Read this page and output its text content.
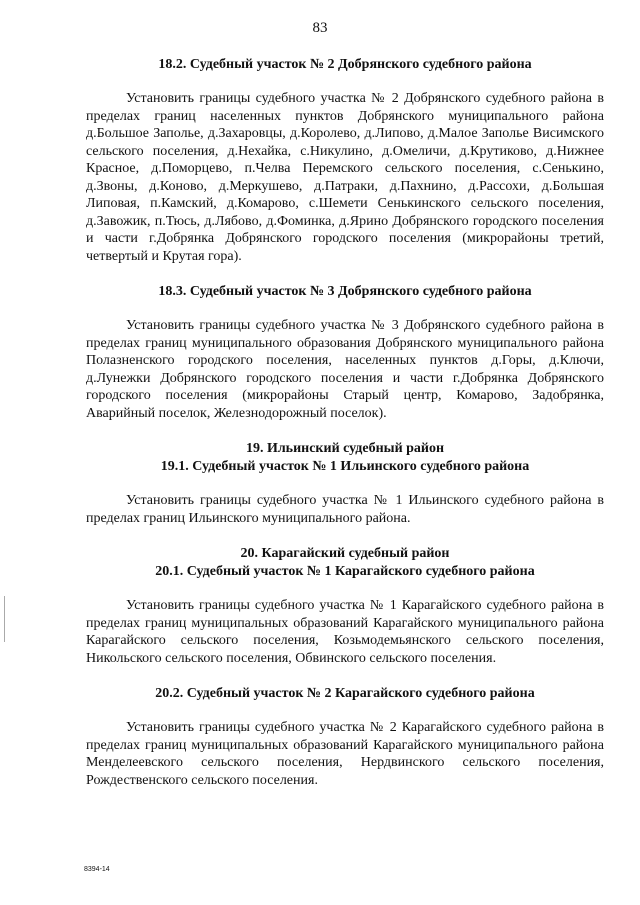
83
18.2. Судебный участок № 2 Добрянского судебного района

Установить границы судебного участка № 2 Добрянского судебного района в пределах границ населенных пунктов Добрянского муниципального района д.Большое Заполье, д.Захаровцы, д.Королево, д.Липово, д.Малое Заполье Висимского сельского поселения, д.Нехайка, с.Никулино, д.Омеличи, д.Крутиково, д.Нижнее Красное, д.Поморцево, п.Челва Перемского сельского поселения, с.Сенькино, д.Звоны, д.Коново, д.Меркушево, д.Патраки, д.Пахнино, д.Рассохи, д.Большая Липовая, п.Камский, д.Комарово, с.Шемети Сенькинского сельского поселения, д.Завожик, п.Тюсь, д.Лябово, д.Фоминка, д.Ярино Добрянского городского поселения и части г.Добрянка Добрянского городского поселения (микрорайоны третий, четвертый и Крутая гора).

18.3. Судебный участок № 3 Добрянского судебного района

Установить границы судебного участка № 3 Добрянского судебного района в пределах границ муниципального образования Добрянского муниципального района Полазненского городского поселения, населенных пунктов д.Горы, д.Ключи, д.Лунежки Добрянского городского поселения и части г.Добрянка Добрянского городского поселения (микрорайоны Старый центр, Комарово, Задобрянка, Аварийный поселок, Железнодорожный поселок).

19. Ильинский судебный район
19.1. Судебный участок № 1 Ильинского судебного района

Установить границы судебного участка № 1 Ильинского судебного района в пределах границ Ильинского муниципального района.

20. Карагайский судебный район
20.1. Судебный участок № 1 Карагайского судебного района

Установить границы судебного участка № 1 Карагайского судебного района в пределах границ муниципальных образований Карагайского муниципального района Карагайского сельского поселения, Козьмодемьянского сельского поселения, Никольского сельского поселения, Обвинского сельского поселения.

20.2. Судебный участок № 2 Карагайского судебного района

Установить границы судебного участка № 2 Карагайского судебного района в пределах границ муниципальных образований Карагайского муниципального района Менделеевского сельского поселения, Нердвинского сельского поселения, Рождественского сельского поселения.

8394-14
